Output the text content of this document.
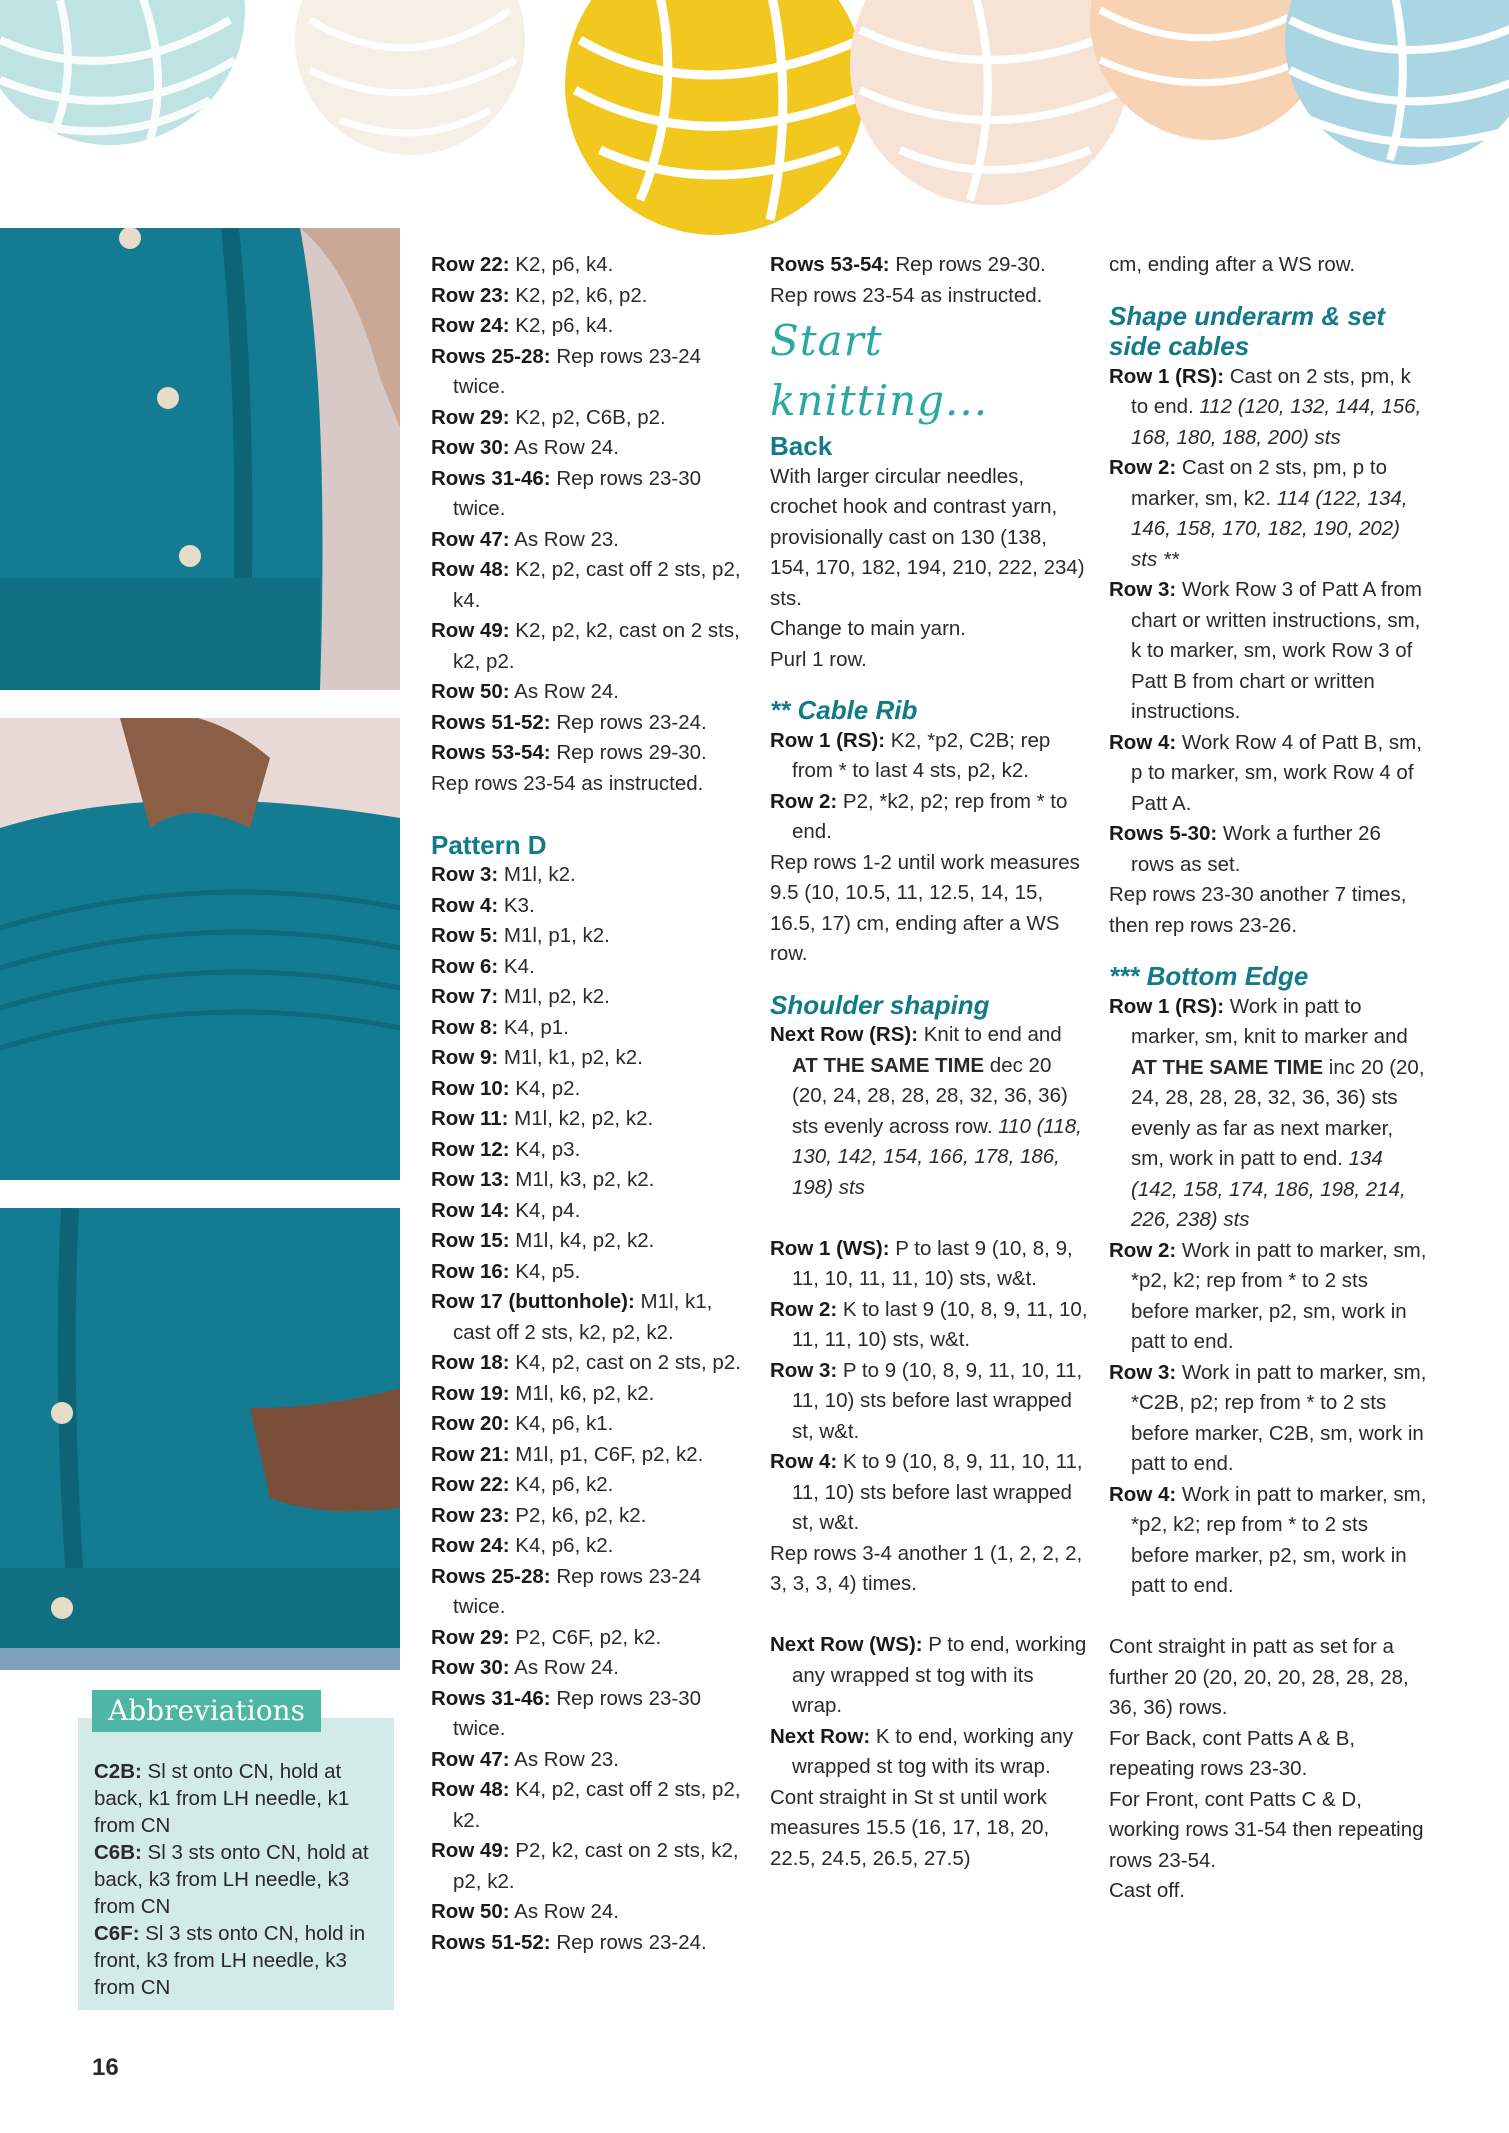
C2B: Sl st onto CN, hold at back, k1 from LH needle, k1 from CN

C6B: Sl 3 sts onto CN, hold at back, k3 from LH needle, k3 from CN

C6F: Sl 3 sts onto CN, hold in front, k3 from LH needle, k3 from CN

Abbreviations

Row 22: K2, p6, k4.

Row 23: K2, p2, k6, p2.

Row 24: K2, p6, k4.

Rows 25-28: Rep rows 23-24 twice.

Row 29: K2, p2, C6B, p2.

Row 30: As Row 24.

Rows 31-46: Rep rows 23-30 twice.

Row 47: As Row 23.

Row 48: K2, p2, cast off 2 sts, p2, k4.

Row 49: K2, p2, k2, cast on 2 sts, k2, p2.

Row 50: As Row 24.

Rows 51-52: Rep rows 23-24.

Rows 53-54: Rep rows 29-30.

Rep rows 23-54 as instructed.

Pattern D

Row 3: M1l, k2.

Row 4: K3.

Row 5: M1l, p1, k2.

Row 6: K4.

Row 7: M1l, p2, k2.

Row 8: K4, p1.

Row 9: M1l, k1, p2, k2.

Row 10: K4, p2.

Row 11: M1l, k2, p2, k2.

Row 12: K4, p3.

Row 13: M1l, k3, p2, k2.

Row 14: K4, p4.

Row 15: M1l, k4, p2, k2.

Row 16: K4, p5.

Row 17 (buttonhole): M1l, k1, cast off 2 sts, k2, p2, k2.

Row 18: K4, p2, cast on 2 sts, p2.

Row 19: M1l, k6, p2, k2.

Row 20: K4, p6, k1.

Row 21: M1l, p1, C6F, p2, k2.

Row 22: K4, p6, k2.

Row 23: P2, k6, p2, k2.

Row 24: K4, p6, k2.

Rows 25-28: Rep rows 23-24 twice.

Row 29: P2, C6F, p2, k2.

Row 30: As Row 24.

Rows 31-46: Rep rows 23-30 twice.

Row 47: As Row 23.

Row 48: K4, p2, cast off 2 sts, p2, k2.

Row 49: P2, k2, cast on 2 sts, k2, p2, k2.

Row 50: As Row 24.

Rows 51-52: Rep rows 23-24.

Rows 53-54: Rep rows 29-30.

Rep rows 23-54 as instructed.

Start knitting...

Back

With larger circular needles, crochet hook and contrast yarn, provisionally cast on 130 (138, 154, 170, 182, 194, 210, 222, 234) sts.

Change to main yarn.

Purl 1 row.

** Cable Rib

Row 1 (RS): K2, *p2, C2B; rep from * to last 4 sts, p2, k2.

Row 2: P2, *k2, p2; rep from * to end.

Rep rows 1-2 until work measures 9.5 (10, 10.5, 11, 12.5, 14, 15, 16.5, 17) cm, ending after a WS row.

Shoulder shaping

Next Row (RS): Knit to end and AT THE SAME TIME dec 20 (20, 24, 28, 28, 28, 32, 36, 36) sts evenly across row. 110 (118, 130, 142, 154, 166, 178, 186, 198) sts

Row 1 (WS): P to last 9 (10, 8, 9, 11, 10, 11, 11, 10) sts, w&t.

Row 2: K to last 9 (10, 8, 9, 11, 10, 11, 11, 10) sts, w&t.

Row 3: P to 9 (10, 8, 9, 11, 10, 11, 11, 10) sts before last wrapped st, w&t.

Row 4: K to 9 (10, 8, 9, 11, 10, 11, 11, 10) sts before last wrapped st, w&t.

Rep rows 3-4 another 1 (1, 2, 2, 2, 3, 3, 3, 4) times.

Next Row (WS): P to end, working any wrapped st tog with its wrap.

Next Row: K to end, working any wrapped st tog with its wrap.

Cont straight in St st until work measures 15.5 (16, 17, 18, 20, 22.5, 24.5, 26.5, 27.5)

cm, ending after a WS row.

Shape underarm & set
side cables

Row 1 (RS): Cast on 2 sts, pm, k to end. 112 (120, 132, 144, 156, 168, 180, 188, 200) sts

Row 2: Cast on 2 sts, pm, p to marker, sm, k2. 114 (122, 134, 146, 158, 170, 182, 190, 202) sts **

Row 3: Work Row 3 of Patt A from chart or written instructions, sm, k to marker, sm, work Row 3 of Patt B from chart or written instructions.

Row 4: Work Row 4 of Patt B, sm, p to marker, sm, work Row 4 of Patt A.

Rows 5-30: Work a further 26 rows as set.

Rep rows 23-30 another 7 times, then rep rows 23-26.

*** Bottom Edge

Row 1 (RS): Work in patt to marker, sm, knit to marker and AT THE SAME TIME inc 20 (20, 24, 28, 28, 28, 32, 36, 36) sts evenly as far as next marker, sm, work in patt to end. 134 (142, 158, 174, 186, 198, 214, 226, 238) sts

Row 2: Work in patt to marker, sm, *p2, k2; rep from * to 2 sts before marker, p2, sm, work in patt to end.

Row 3: Work in patt to marker, sm, *C2B, p2; rep from * to 2 sts before marker, C2B, sm, work in patt to end.

Row 4: Work in patt to marker, sm, *p2, k2; rep from * to 2 sts before marker, p2, sm, work in patt to end.

Cont straight in patt as set for a further 20 (20, 20, 20, 28, 28, 28, 36, 36) rows.

For Back, cont Patts A & B, repeating rows 23-30.

For Front, cont Patts C & D, working rows 31-54 then repeating rows 23-54.

Cast off.

16
